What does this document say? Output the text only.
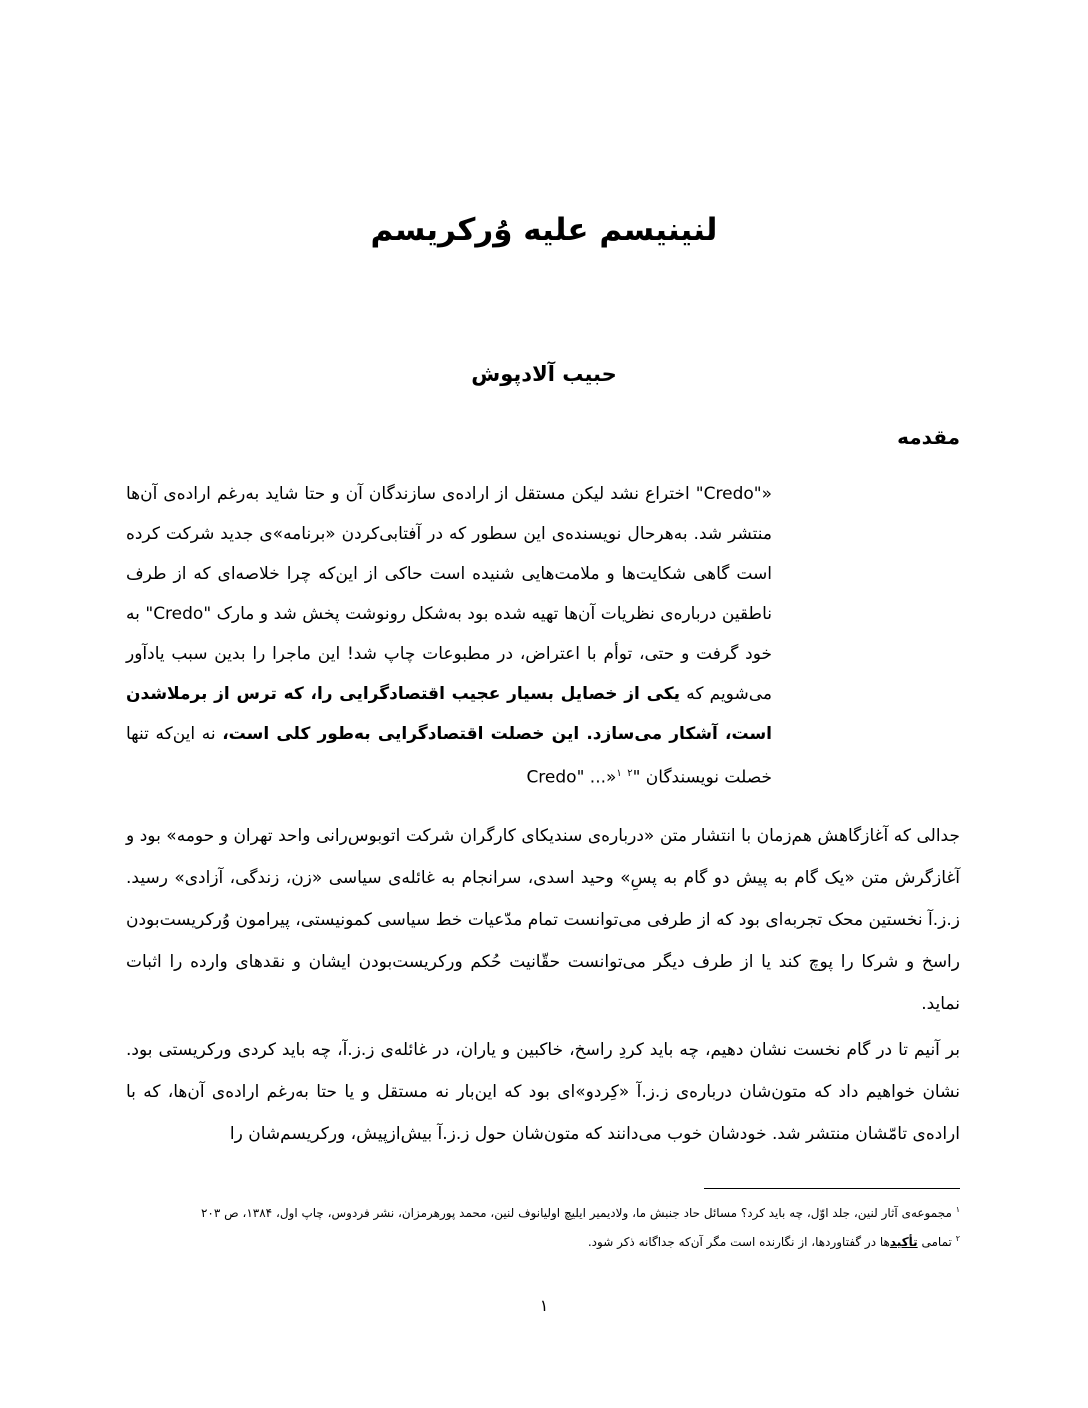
لنینیسم علیه وُرکریسم
حبیب آلادپوش
مقدمه

«"Credo" اختراع نشد لیکن مستقل از اراده‌ی سازندگان آن و حتا شاید به‌رغم اراده‌ی آن‌ها منتشر شد. به‌هرحال نویسنده‌ی این سطور که در آفتابی‌کردن «برنامه»ی جدید شرکت کرده است گاهی شکایت‌ها و ملامت‌هایی شنیده است حاکی از این‌که چرا خلاصه‌ای که از طرف ناطقین درباره‌ی نظریات آن‌ها تهیه شده بود به‌شکل رونوشت پخش شد و مارک "Credo" به خود گرفت و حتی، توأم با اعتراض، در مطبوعات چاپ شد! این ماجرا را بدین سبب یادآور می‌شویم که یکی از خصایل بسیار عجیب اقتصادگرایی را، که ترس از برملاشدن است، آشکار می‌سازد. این خصلت اقتصادگرایی به‌طور کلی است، نه این‌که تنها خصلت نویسندگان "Credo" ...»$^۱$ $^۲$

جدالی که آغازگاهش هم‌زمان با انتشار متن «درباره‌ی سندیکای کارگران شرکت اتوبوس‌رانی واحد تهران و حومه» بود و آغازگرش متن «یک گام به پیش دو گام به پسِ» وحید اسدی، سرانجام به غائله‌ی سیاسی «زن، زندگی، آزادی» رسید. ز.ز.آ نخستین محک تجربه‌ای بود که از طرفی می‌توانست تمام مدّعیات خط سیاسی کمونیستی، پیرامون وُرکریست‌بودن راسخ و شرکا را پوچ کند یا از طرف دیگر می‌توانست حقّانیت حُکم ورکریست‌بودن ایشان و نقدهای وارده را اثبات نماید.

بر آنیم تا در گام نخست نشان دهیم، چه باید کردِ راسخ، خاکبین و یاران، در غائله‌ی ز.ز.آ، چه باید کردی ورکریستی بود. نشان خواهیم داد که متون‌شان درباره‌ی ز.ز.آ «کِردو»ای بود که این‌بار نه مستقل و یا حتا به‌رغم اراده‌ی آن‌ها، که با اراده‌ی تامّشان منتشر شد. خودشان خوب می‌دانند که متون‌شان حول ز.ز.آ بیش‌ازپیش، ورکریسم‌شان را

$^۱$ مجموعه‌ی آثار لنین، جلد اوّل، چه باید کرد؟ مسائل حاد جنبش ما، ولادیمیر ایلیچ اولیانوف لنین، محمد پورهرمزان، نشر فردوس، چاپ اول، ۱۳۸۴، ص ۲۰۳

$^۲$ تمامی تأکیدها در گفتاوردها، از نگارنده است مگر آن‌که جداگانه ذکر شود.

۱
